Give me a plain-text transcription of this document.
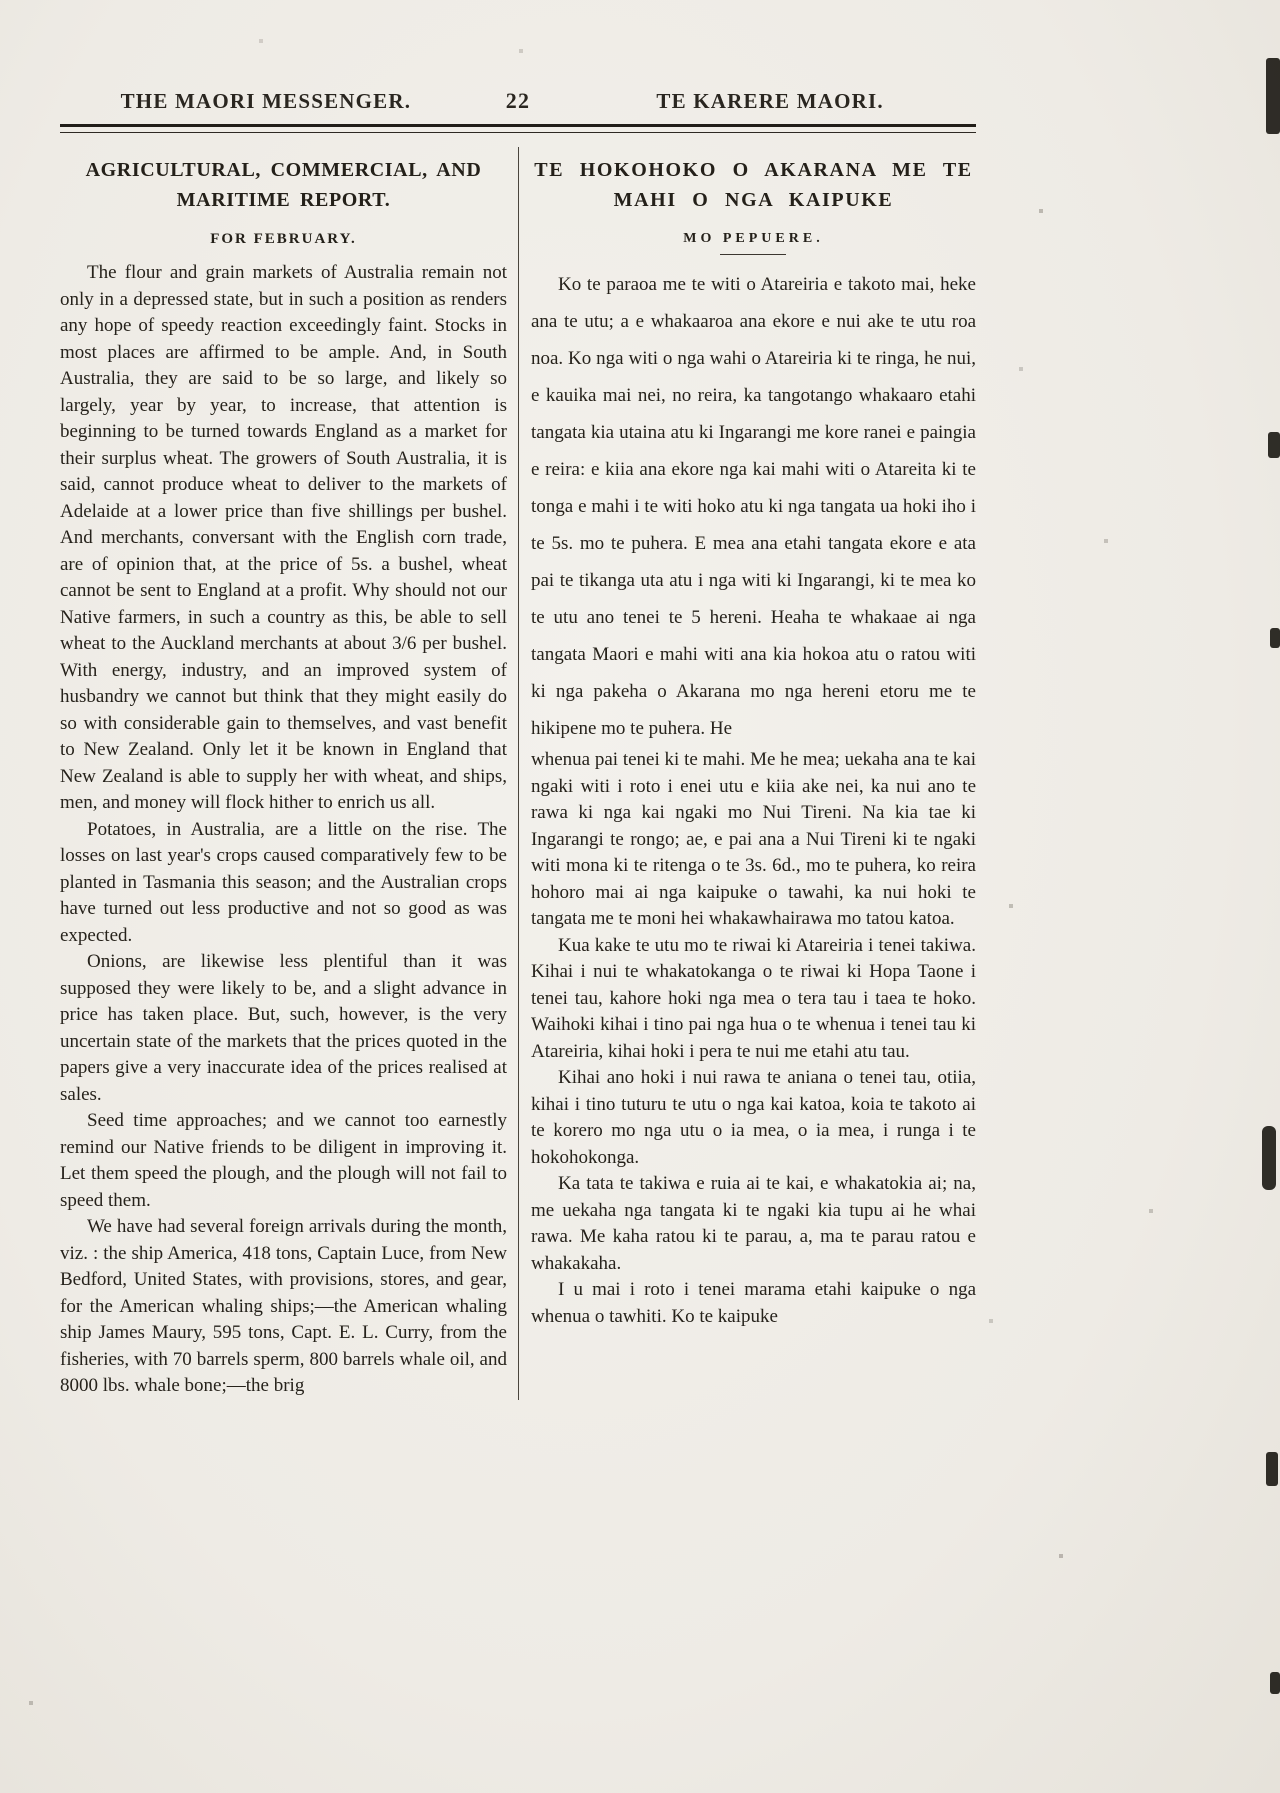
THE MAORI MESSENGER.	22	TE KARERE MAORI.
AGRICULTURAL, COMMERCIAL, AND MARITIME REPORT.
FOR FEBRUARY.

The flour and grain markets of Australia remain not only in a depressed state, but in such a position as renders any hope of speedy reaction exceedingly faint. Stocks in most places are affirmed to be ample. And, in South Australia, they are said to be so large, and likely so largely, year by year, to increase, that attention is beginning to be turned towards England as a market for their surplus wheat. The growers of South Australia, it is said, cannot produce wheat to deliver to the markets of Adelaide at a lower price than five shillings per bushel. And merchants, conversant with the English corn trade, are of opinion that, at the price of 5s. a bushel, wheat cannot be sent to England at a profit. Why should not our Native farmers, in such a country as this, be able to sell wheat to the Auckland merchants at about 3/6 per bushel. With energy, industry, and an improved system of husbandry we cannot but think that they might easily do so with considerable gain to themselves, and vast benefit to New Zealand. Only let it be known in England that New Zealand is able to supply her with wheat, and ships, men, and money will flock hither to enrich us all.

Potatoes, in Australia, are a little on the rise. The losses on last year's crops caused comparatively few to be planted in Tasmania this season; and the Australian crops have turned out less productive and not so good as was expected.

Onions, are likewise less plentiful than it was supposed they were likely to be, and a slight advance in price has taken place. But, such, however, is the very uncertain state of the markets that the prices quoted in the papers give a very inaccurate idea of the prices realised at sales.

Seed time approaches; and we cannot too earnestly remind our Native friends to be diligent in improving it. Let them speed the plough, and the plough will not fail to speed them.

We have had several foreign arrivals during the month, viz. : the ship America, 418 tons, Captain Luce, from New Bedford, United States, with provisions, stores, and gear, for the American whaling ships;—the American whaling ship James Maury, 595 tons, Capt. E. L. Curry, from the fisheries, with 70 barrels sperm, 800 barrels whale oil, and 8000 lbs. whale bone;—the brig

TE HOKOHOKO O AKARANA ME TE MAHI O NGA KAIPUKE
MO PEPUERE.

Ko te paraoa me te witi o Atareiria e takoto mai, heke ana te utu; a e whakaaroa ana ekore e nui ake te utu roa noa. Ko nga witi o nga wahi o Atareiria ki te ringa, he nui, e kauika mai nei, no reira, ka tangotango whakaaro etahi tangata kia utaina atu ki Ingarangi me kore ranei e paingia e reira: e kiia ana ekore nga kai mahi witi o Atareita ki te tonga e mahi i te witi hoko atu ki nga tangata ua hoki iho i te 5s. mo te puhera. E mea ana etahi tangata ekore e ata pai te tikanga uta atu i nga witi ki Ingarangi, ki te mea ko te utu ano tenei te 5 hereni. Heaha te whakaae ai nga tangata Maori e mahi witi ana kia hokoa atu o ratou witi ki nga pakeha o Akarana mo nga hereni etoru me te hikipene mo te puhera. He

whenua pai tenei ki te mahi. Me he mea; uekaha ana te kai ngaki witi i roto i enei utu e kiia ake nei, ka nui ano te rawa ki nga kai ngaki mo Nui Tireni. Na kia tae ki Ingarangi te rongo; ae, e pai ana a Nui Tireni ki te ngaki witi mona ki te ritenga o te 3s. 6d., mo te puhera, ko reira hohoro mai ai nga kaipuke o tawahi, ka nui hoki te tangata me te moni hei whakawhairawa mo tatou katoa.

Kua kake te utu mo te riwai ki Atareiria i tenei takiwa. Kihai i nui te whakatokanga o te riwai ki Hopa Taone i tenei tau, kahore hoki nga mea o tera tau i taea te hoko. Waihoki kihai i tino pai nga hua o te whenua i tenei tau ki Atareiria, kihai hoki i pera te nui me etahi atu tau.

Kihai ano hoki i nui rawa te aniana o tenei tau, otiia, kihai i tino tuturu te utu o nga kai katoa, koia te takoto ai te korero mo nga utu o ia mea, o ia mea, i runga i te hokohokonga.

Ka tata te takiwa e ruia ai te kai, e whakatokia ai; na, me uekaha nga tangata ki te ngaki kia tupu ai he whai rawa. Me kaha ratou ki te parau, a, ma te parau ratou e whakakaha.

I u mai i roto i tenei marama etahi kaipuke o nga whenua o tawhiti. Ko te kaipuke
